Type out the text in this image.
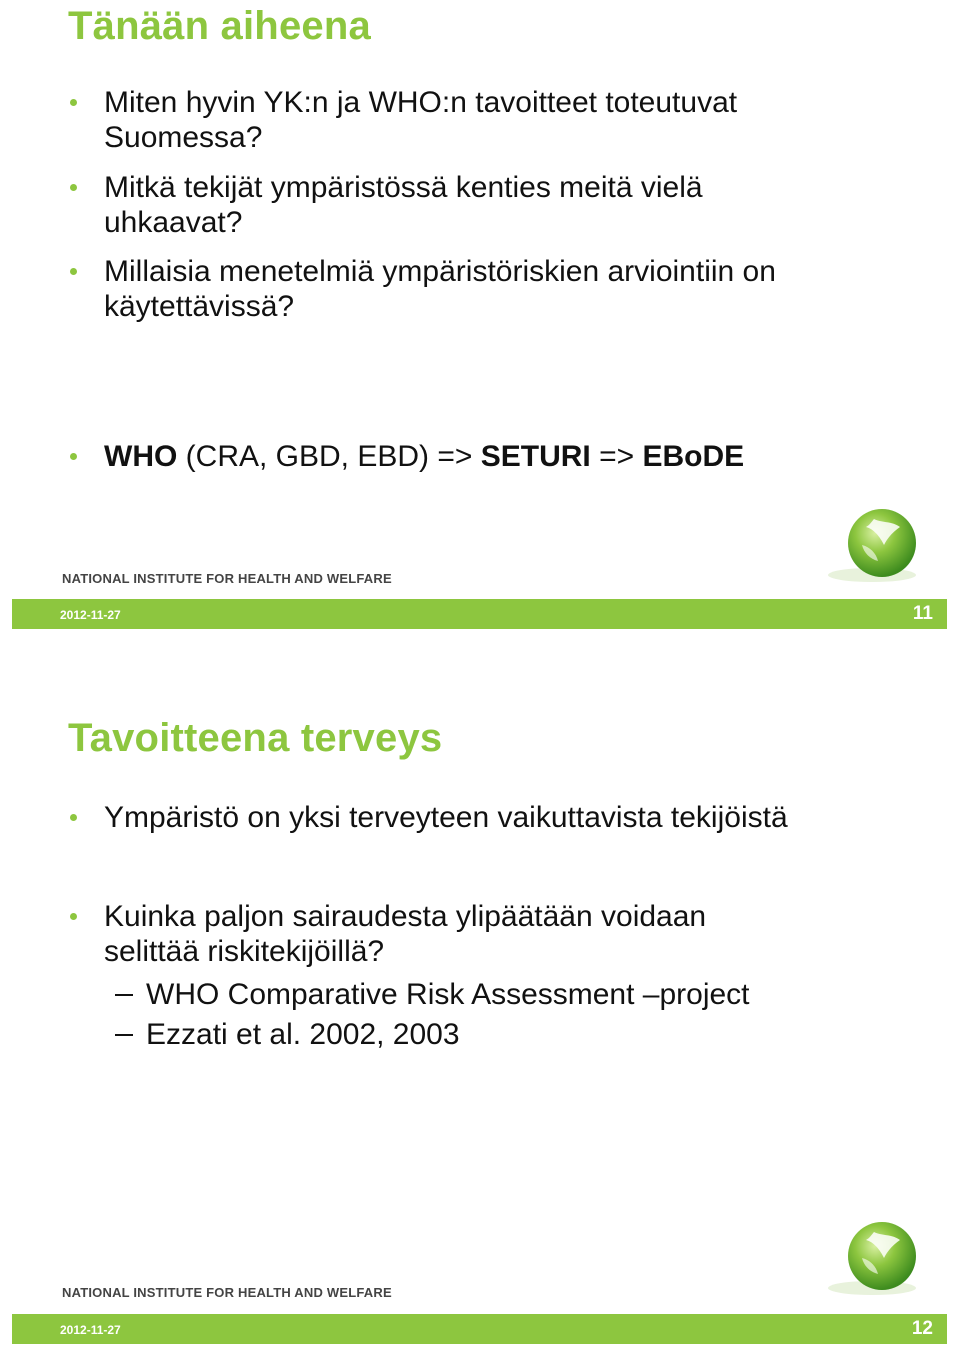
Tänään aiheena
Miten hyvin YK:n ja WHO:n tavoitteet toteutuvat
Suomessa?
Mitkä tekijät ympäristössä kenties meitä vielä
uhkaavat?
Millaisia menetelmiä ympäristöriskien arviointiin on
käytettävissä?
WHO (CRA, GBD, EBD) => SETURI => EBoDE
NATIONAL INSTITUTE FOR HEALTH AND WELFARE
2012-11-27	11
Tavoitteena terveys
Ympäristö on yksi terveyteen vaikuttavista tekijöistä
Kuinka paljon sairaudesta ylipäätään voidaan
selittää riskitekijöillä?
WHO Comparative Risk Assessment –project
Ezzati et al. 2002, 2003
NATIONAL INSTITUTE FOR HEALTH AND WELFARE
2012-11-27	12
